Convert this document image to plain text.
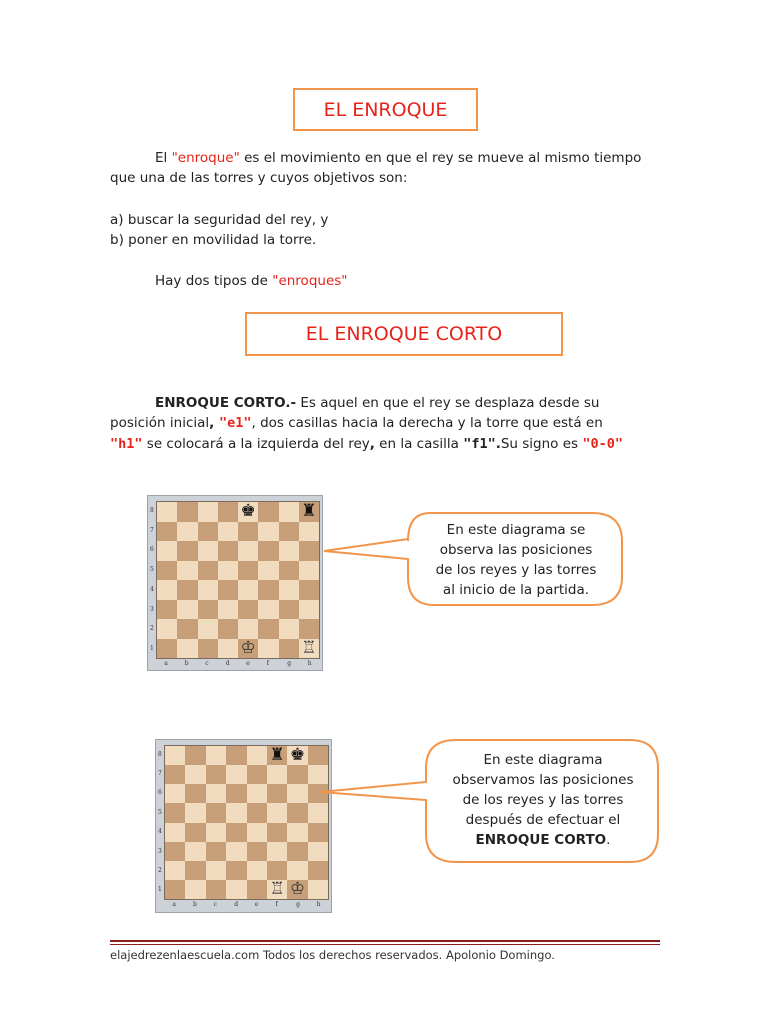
EL ENROQUE
El "enroque" es el movimiento en que el rey se mueve al mismo tiempo
que una de las torres y cuyos objetivos son:
a) buscar la seguridad del rey, y
b) poner en movilidad la torre.
Hay dos tipos de "enroques"
EL ENROQUE CORTO
ENROQUE CORTO.- Es aquel en que el rey se desplaza desde su
posición inicial, "e1", dos casillas hacia la derecha y la torre que está en
"h1" se colocará a la izquierda del rey, en la casilla "f1".Su signo es "0-0"
♚	♜
♔	♖
8
7
6
5
4
3
2
1
a	b	c	d	e	f	g	h
En este diagrama se
observa las posiciones
de los reyes y las torres
al inicio de la partida.
♜ ♚
♖ ♔
8
7
6
5
4
3
2
1
a	b	c	d	e	f	g	h
En este diagrama
observamos las posiciones
de los reyes y las torres
después de efectuar el
ENROQUE CORTO.
elajedrezenlaescuela.com Todos los derechos reservados. Apolonio Domingo.
